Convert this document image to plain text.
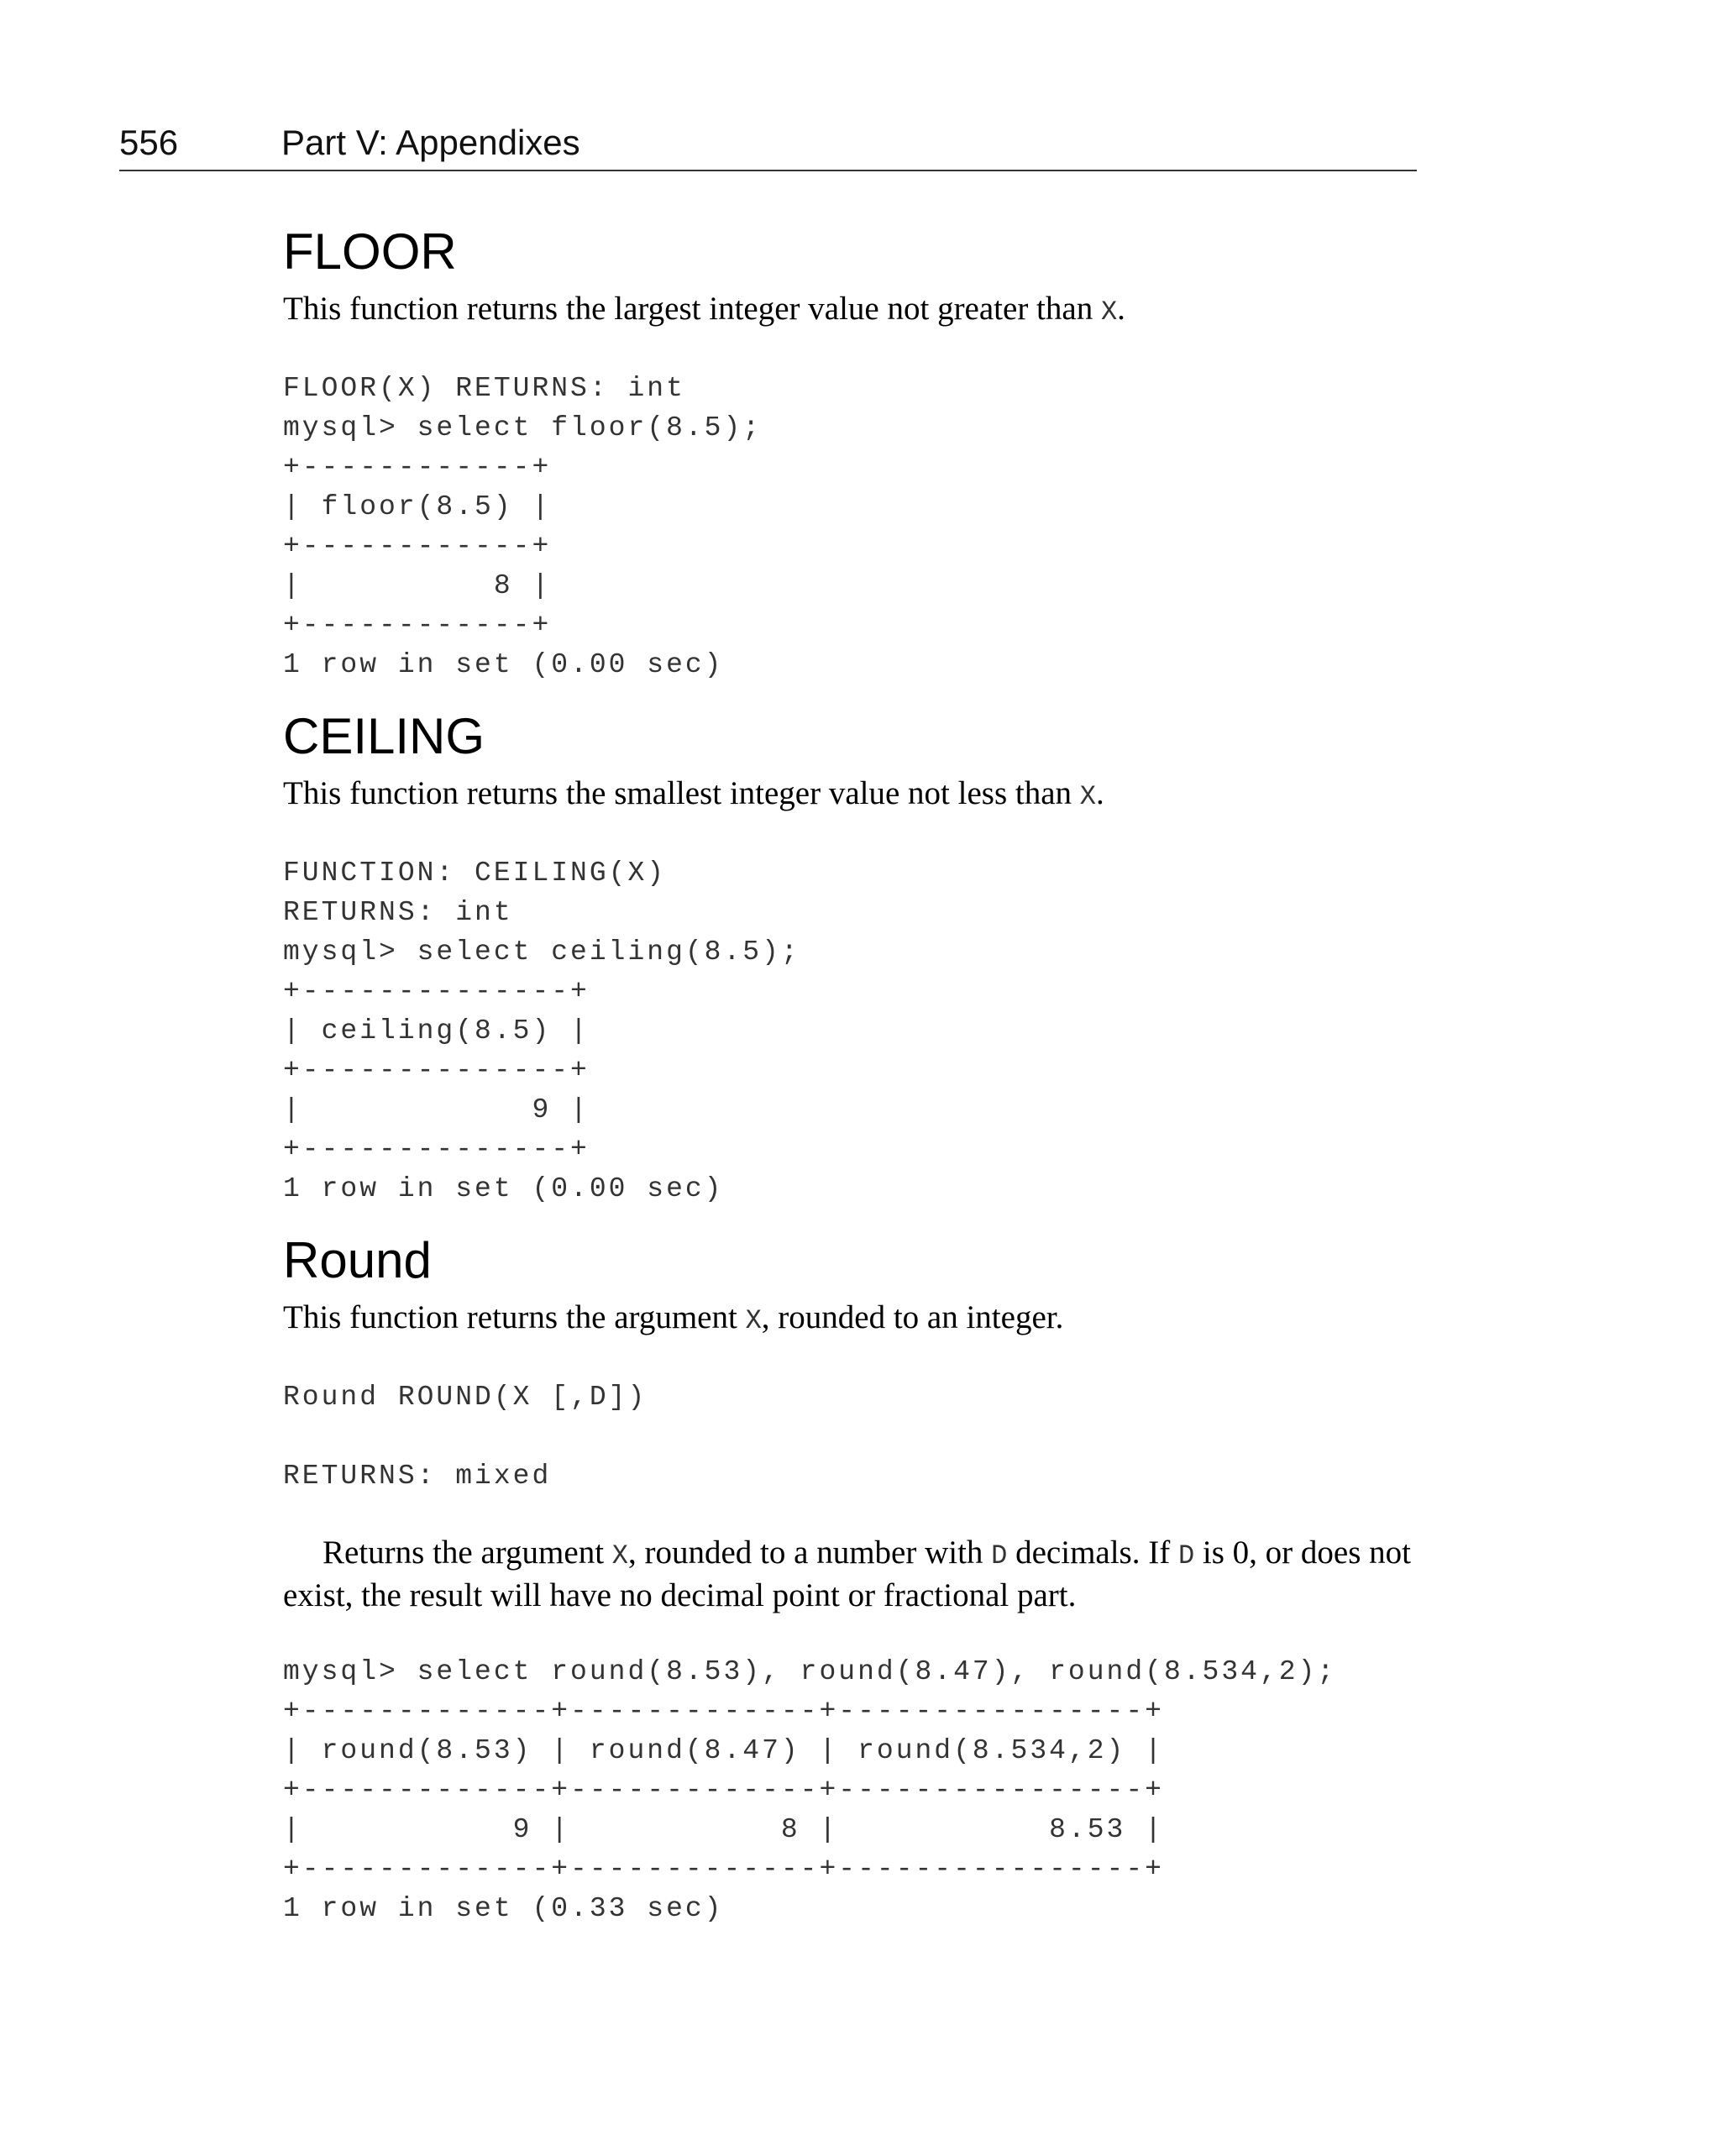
556	Part V: Appendixes
FLOOR

This function returns the largest integer value not greater than X.

FLOOR(X) RETURNS: int
mysql> select floor(8.5);
+------------+
| floor(8.5) |
+------------+
|          8 |
+------------+
1 row in set (0.00 sec)
CEILING

This function returns the smallest integer value not less than X.

FUNCTION: CEILING(X)
RETURNS: int
mysql> select ceiling(8.5);
+--------------+
| ceiling(8.5) |
+--------------+
|            9 |
+--------------+
1 row in set (0.00 sec)
Round

This function returns the argument X, rounded to an integer.

Round ROUND(X [,D])
RETURNS: mixed

Returns the argument X, rounded to a number with D decimals. If D is 0, or does not exist, the result will have no decimal point or fractional part.

mysql> select round(8.53), round(8.47), round(8.534,2);
+-------------+-------------+----------------+
| round(8.53) | round(8.47) | round(8.534,2) |
+-------------+-------------+----------------+
|           9 |           8 |           8.53 |
+-------------+-------------+----------------+
1 row in set (0.33 sec)
